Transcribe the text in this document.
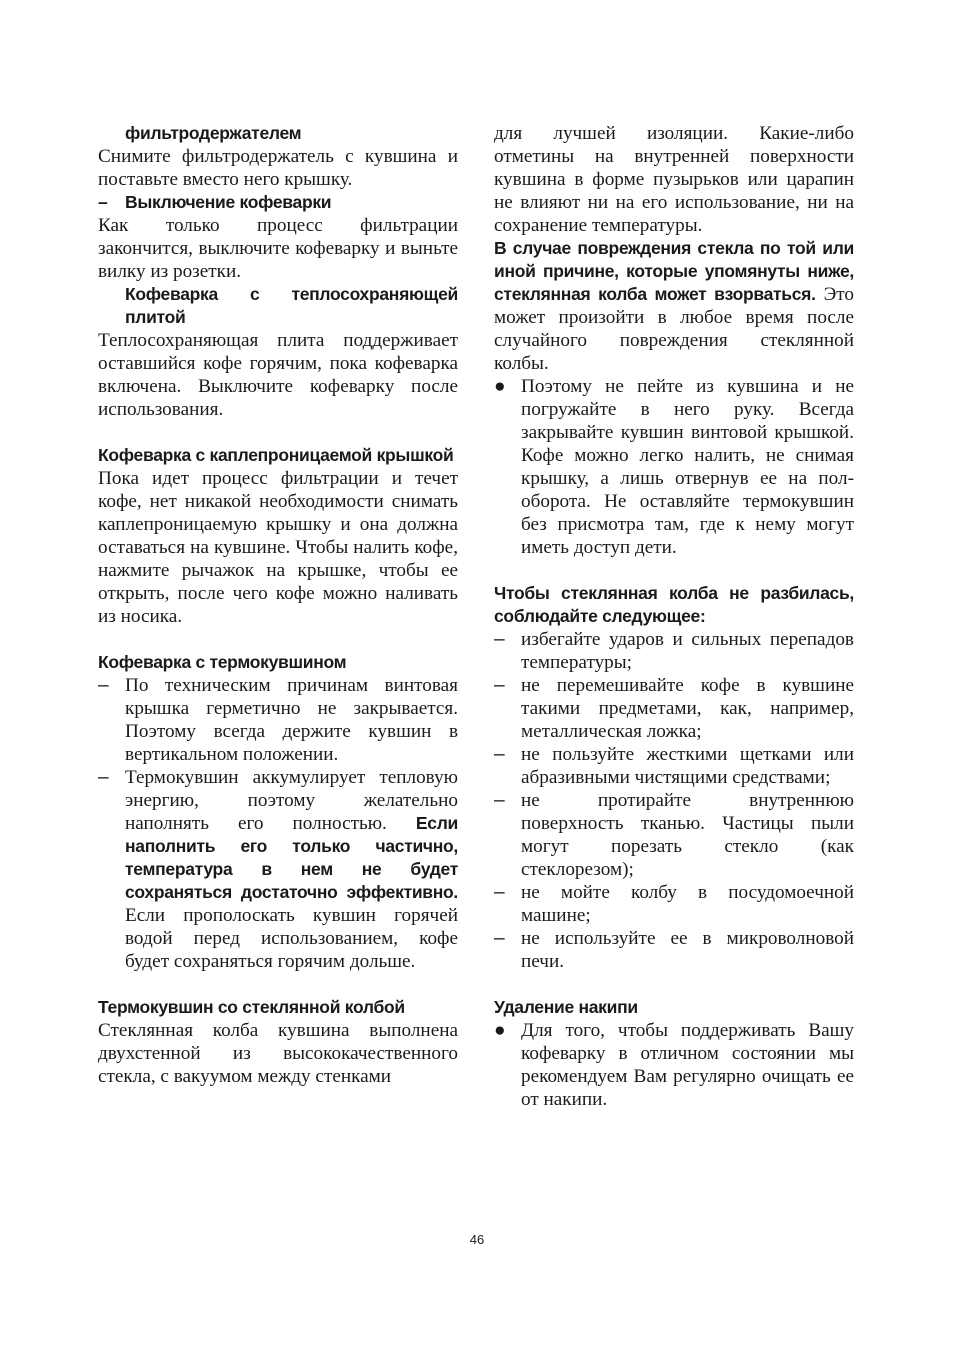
фильтродержателем

Снимите фильтродержатель с кувшина и поставьте вместо него крышку.

– Выключение кофеварки

Как только процесс фильтрации закончится, выключите кофеварку и выньте вилку из розетки.

Кофеварка с теплосохраняющей плитой

Теплосохраняющая плита поддерживает оставшийся кофе горячим, пока кофеварка включена. Выключите кофеварку после использования.

Кофеварка с каплепроницаемой крышкой

Пока идет процесс фильтрации и течет кофе, нет никакой необходимости снимать каплепроницаемую крышку и она должна оставаться на кувшине. Чтобы налить кофе, нажмите рычажок на крышке, чтобы ее открыть, после чего кофе можно наливать из носика.

Кофеварка с термокувшином

– По техническим причинам винтовая крышка герметично не закрывается. Поэтому всегда держите кувшин в вертикальном положении.
– Термокувшин аккумулирует тепловую энергию, поэтому желательно наполнять его полностью. Если наполнить его только частично, температура в нем не будет сохраняться достаточно эффективно. Если прополоскать кувшин горячей водой перед использованием, кофе будет сохраняться горячим дольше.

Термокувшин со стеклянной колбой

Стеклянная колба кувшина выполнена двухстенной из высококачественного стекла, с вакуумом между стенками

для лучшей изоляции. Какие-либо отметины на внутренней поверхности кувшина в форме пузырьков или царапин не влияют ни на его использование, ни на сохранение температуры.

В случае повреждения стекла по той или иной причине, которые упомянуты ниже, стеклянная колба может взорваться. Это может произойти в любое время после случайного повреждения стеклянной колбы.

● Поэтому не пейте из кувшина и не погружайте в него руку. Всегда закрывайте кувшин винтовой крышкой. Кофе можно легко налить, не снимая крышку, а лишь отвернув ее на пол-оборота. Не оставляйте термокувшин без присмотра там, где к нему могут иметь доступ дети.

Чтобы стеклянная колба не разбилась, соблюдайте следующее:

– избегайте ударов и сильных перепадов температуры;
– не перемешивайте кофе в кувшине такими предметами, как, например, металлическая ложка;
– не пользуйте жесткими щетками или абразивными чистящими средствами;
– не протирайте внутреннюю поверхность тканью. Частицы пыли могут порезать стекло (как стеклорезом);
– не мойте колбу в посудомоечной машине;
– не используйте ее в микроволновой печи.

Удаление накипи

● Для того, чтобы поддерживать Вашу кофеварку в отличном состоянии мы рекомендуем Вам регулярно очищать ее от накипи.
46
